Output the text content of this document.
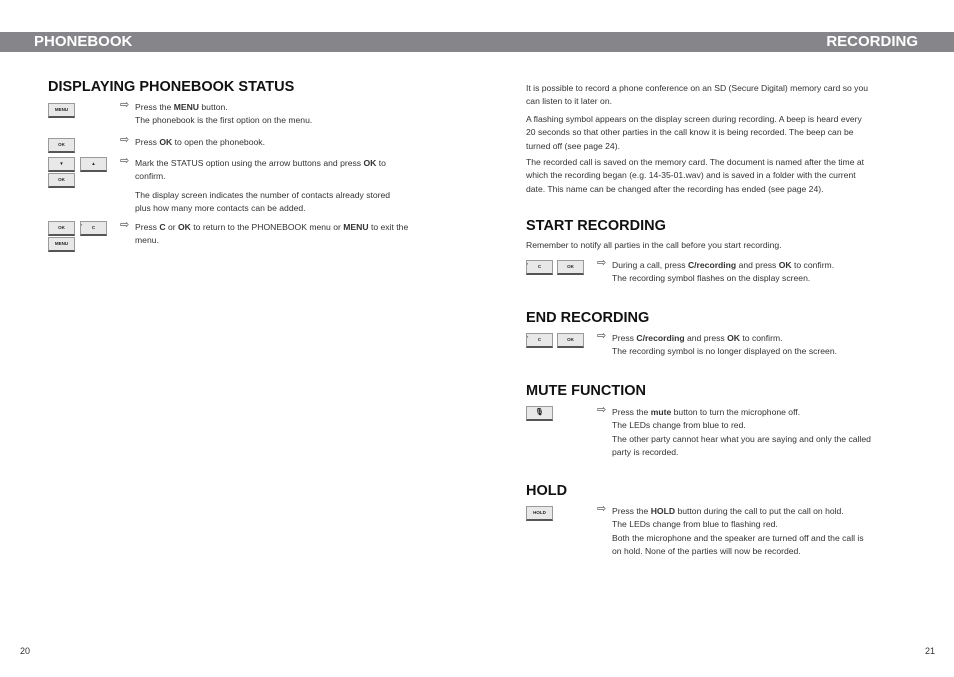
PHONEBOOK	RECORDING
DISPLAYING PHONEBOOK STATUS
MENU	⇨ Press the MENU button.
The phonebook is the first option on the menu.
OK	⇨ Press OK to open the phonebook.
▼	▲
OK
⇨ Mark the STATUS option using the arrow buttons and press OK to
confirm.
The display screen indicates the number of contacts already stored
plus how many more contacts can be added.
OK
▪
C
MENU
⇨ Press C or OK to return to the PHONEBOOK menu or MENU to exit the
menu.
20
It is possible to record a phone conference on an SD (Secure Digital) memory card so you
can listen to it later on.
A flashing symbol appears on the display screen during recording. A beep is heard every
20 seconds so that other parties in the call know it is being recorded. The beep can be
turned off (see page 24).
The recorded call is saved on the memory card. The document is named after the time at
which the recording began (e.g. 14-35-01.wav) and is saved in a folder with the current
date. This name can be changed after the recording has ended (see page 24).
START RECORDING
Remember to notify all parties in the call before you start recording.
▪
C	OK	⇨ During a call, press C/recording and press OK to confirm.
The recording symbol flashes on the display screen.
END RECORDING
▪
C	OK	⇨ Press C/recording and press OK to confirm.
The recording symbol is no longer displayed on the screen.
MUTE FUNCTION
🎙	⇨ Press the mute button to turn the microphone off.
The LEDs change from blue to red.
The other party cannot hear what you are saying and only the called
party is recorded.
HOLD
HOLD	⇨ Press the HOLD button during the call to put the call on hold.
The LEDs change from blue to flashing red.
Both the microphone and the speaker are turned off and the call is
on hold. None of the parties will now be recorded.
21
